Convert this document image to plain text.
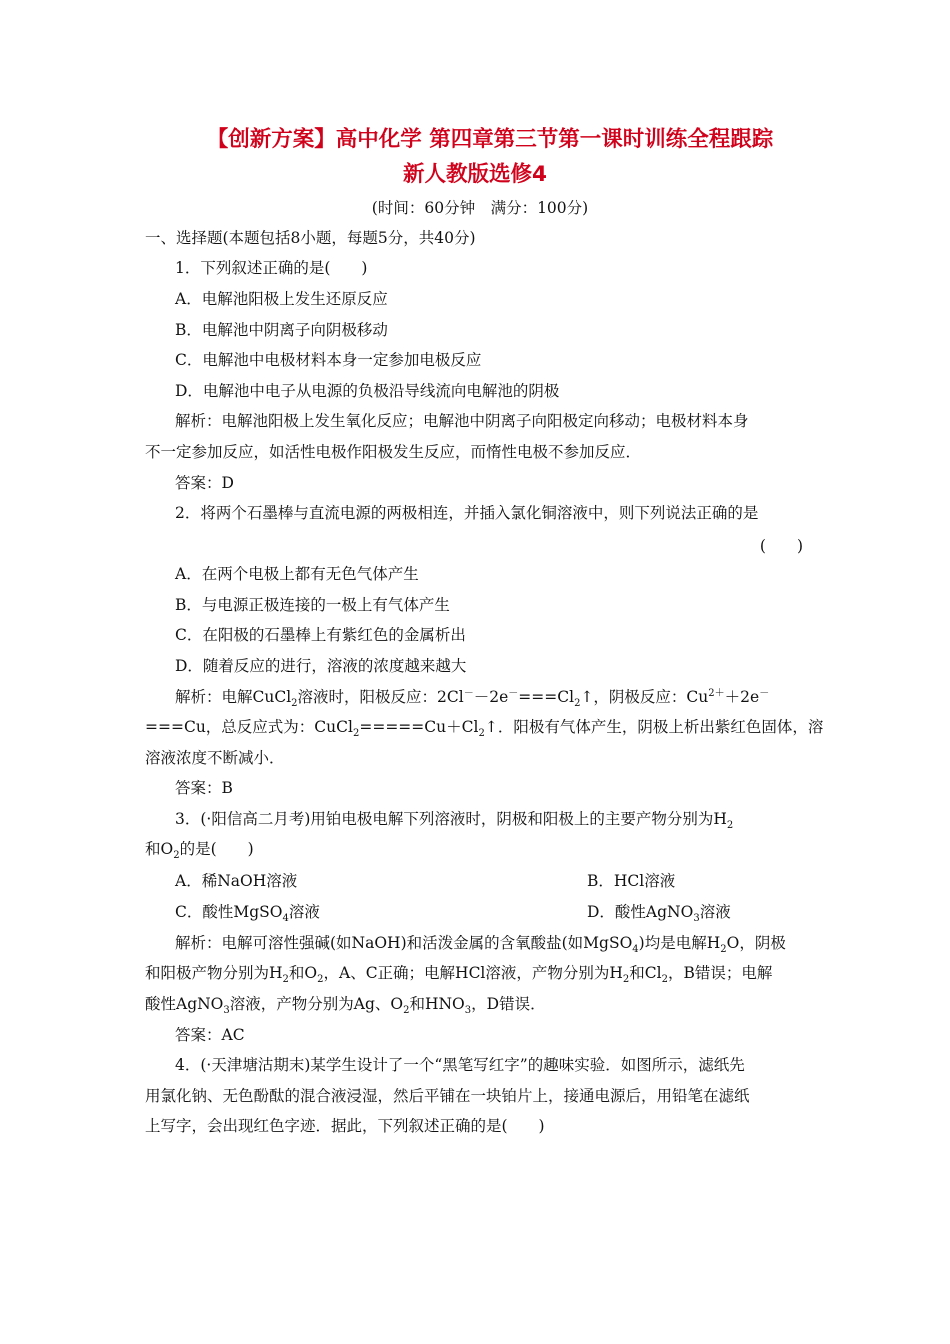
【创新方案】高中化学 第四章第三节第一课时训练全程跟踪
新人教版选修4
(时间：60分钟　满分：100分)
一、选择题(本题包括8小题，每题5分，共40分)
1．下列叙述正确的是(　　)
A．电解池阳极上发生还原反应
B．电解池中阴离子向阴极移动
C．电解池中电极材料本身一定参加电极反应
D．电解池中电子从电源的负极沿导线流向电解池的阴极
解析：电解池阳极上发生氧化反应；电解池中阴离子向阳极定向移动；电极材料本身
不一定参加反应，如活性电极作阳极发生反应，而惰性电极不参加反应．
答案：D
2．将两个石墨棒与直流电源的两极相连，并插入氯化铜溶液中，则下列说法正确的是
(　　)
A．在两个电极上都有无色气体产生
B．与电源正极连接的一极上有气体产生
C．在阳极的石墨棒上有紫红色的金属析出
D．随着反应的进行，溶液的浓度越来越大
解析：电解CuCl$_2$溶液时，阳极反应：$2Cl^--2e^-===Cl_2↑$，阴极反应：$Cu^{2+}+2e^-$
===Cu，总反应式为：$CuCl_2=====Cu+Cl_2↑$．阳极有气体产生，阴极上析出紫红色固体，溶
溶液浓度不断减小．
答案：B
3．(·阳信高二月考)用铂电极电解下列溶液时，阴极和阳极上的主要产物分别为$H_2$
和$O_2$的是(　　)
A．稀NaOH溶液	B．HCl溶液
C．酸性MgSO$_4$溶液	D．酸性AgNO$_3$溶液
解析：电解可溶性强碱(如NaOH)和活泼金属的含氧酸盐(如MgSO$_4$)均是电解$H_2O$，阴极
和阳极产物分别为$H_2$和$O_2$，A、C正确；电解HCl溶液，产物分别为$H_2$和$Cl_2$，B错误；电解
酸性AgNO$_3$溶液，产物分别为Ag、$O_2$和$HNO_3$，D错误．
答案：AC
4．(·天津塘沽期末)某学生设计了一个“黑笔写红字”的趣味实验．如图所示，滤纸先
用氯化钠、无色酚酞的混合液浸湿，然后平铺在一块铂片上，接通电源后，用铅笔在滤纸
上写字，会出现红色字迹．据此，下列叙述正确的是(　　)
